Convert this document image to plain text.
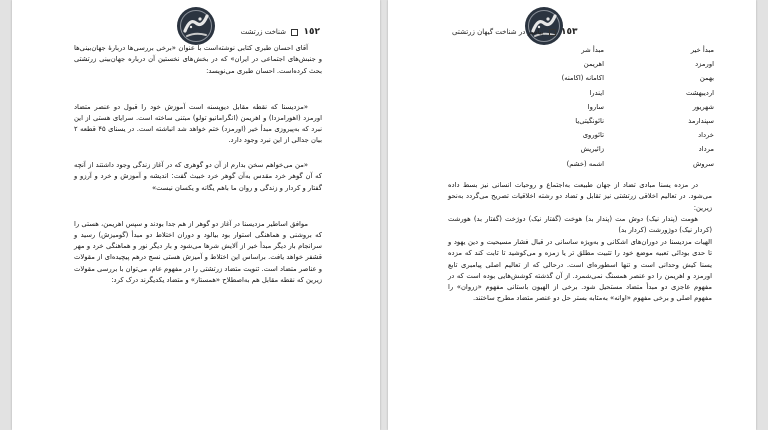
١٥٢  شناخت زرتشت

آقای احسان طبری کتابی نوشته‌است با عنوان «برخی بررسی‌ها دربارهٔ جهان‌بینی‌ها و جنبش‌های اجتماعی در ایران» که در بخش‌های نخستین آن درباره جهان‌بینی زرتشتی بحث کرده‌است. احسان طبری می‌نویسد:

«مزدیسنا که نقطه مقابل دیوپسنه است آموزش خود را قبول دو عنصر متضاد اورمزد (اهورامزدا) و اهریمن (انگرامانیو تولو) مبتنی ساخته است. سرایای هستی از این نبرد که به‌پیروزی مبدأ خیر (اورمزد) ختم خواهد شد انباشته است. در یسنای ۴۵ قطعه ۲ بیان جدالی از این نبرد وجود دارد.

«من می‌خواهم سخن بدارم از آن دو گوهری که در آغاز زندگی وجود داشتند از آنچه که آن گوهر خرد مقدس به‌آن گوهر خرد خبیث گفت: اندیشه و آموزش و خرد و آرزو و گفتار و کردار و زندگی و روان ما باهم یگانه و یکسان نیست»

موافق اساطیر مزدیسنا در آغاز دو گوهر از هم جدا بودند و سپس اهریمن، هستی را که بروشنی و هماهنگی استوار بود بیالود و دوران اختلاط دو مبدأ (گومیزش) رسید و سرانجام بار دیگر مبدأ خیر از آلایش شرها می‌شود و بار دیگر نور و هماهنگی خرد و مهر قشفر خواهد یافت. براساس این اختلاط و آمیزش هستی نسج درهم پیچیده‌ای از مقولات و عناصر متضاد است. ثنویت متضاد زرتشتی را در مفهوم عام، می‌توان با بررسی مقولات زیرین که نقطه مقابل هم به‌اصطلاح «همستار» و متضاد یکدیگرند درک کرد:

١٥٣  پیامبر در شناخت گیهان زرتشتی
مبدأ خیر	مبدأ شر
اورمزد	اهریمن
بهمن	اکامانه (اکامنه)
اردیبهشت	ایندرا
شهریور	ساروا
سپندارمذ	نائونگیتی‌یا
خرداد	تائوروی
مرداد	زائیریش
سروش	اشمه (خشم)

در مزده یسنا مبادی تضاد از جهان طبیعت به‌اجتماع و روحیات انسانی نیز بسط داده می‌شود. در تعالیم اخلاقی زرتشتی نیز تقابل و تضاد دو رشته اخلاقیات تصریح می‌گردد به‌نحو زیرین:

هومت (پندار نیک) دوش مت (پندار بد) هوخت (گفتار نیک) دوژخت (گفتار بد) هورشت (کردار نیک) دوژورشت (کردار بد)

الهیات مزدیسنا در دوران‌های اشکانی و به‌ویژه ساسانی در قبال فشار مسیحیت و دین یهود و تا حدی بودائی تعبیه موضع خود را تثبیت مطلق تر یا زمزه و می‌کوشید تا ثابت کند که مزده یسنا کیش وحدانی است و تنها اسطوره‌ای است. درحالی که از تعالیم اصلی پیامبری تابع اورمزد و اهریمن را دو عنصر همسنگ نمی‌شمرد. از آن گذشته کوشش‌هایی بوده است که در مفهوم عاجزی دو مبدأ متضاد مستحیل شود. برخی از الهیون باستانی مفهوم «زروان» را مفهوم اصلی و برخی مفهوم «اوانه» به‌مثابه بستر حل دو عنصر متضاد مطرح ساختند.
